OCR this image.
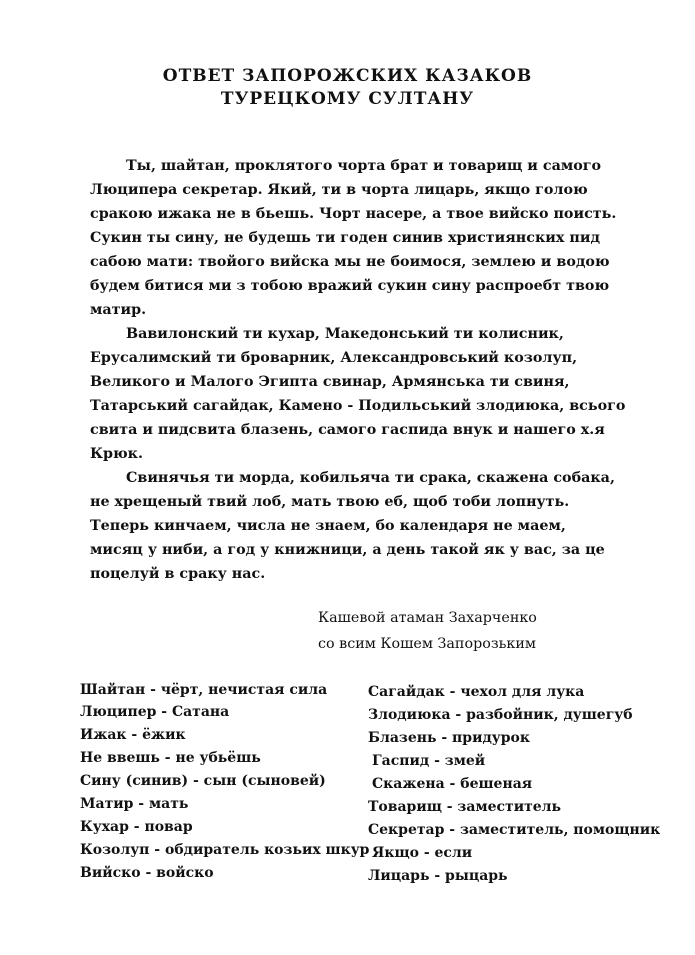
ОТВЕТ ЗАПОРОЖСКИХ КАЗАКОВ
ТУРЕЦКОМУ СУЛТАНУ
Ты, шайтан, проклятого чорта брат и товарищ и самого
Люципера секретар. Який, ти в чорта лицарь, якщо голою
сракою ижака не в бьешь. Чорт насере, а твое вийско поисть.
Сукин ты сину, не будешь ти годен синив християнских пид
сабою мати: твойого вийска мы не боимося, землею и водою
будем битися ми з тобою вражий сукин сину распроебт твою
матир.
Вавилонский ти кухар, Македонський ти колисник,
Ерусалимский ти броварник, Александровський козолуп,
Великого и Малого Эгипта свинар, Армянська ти свиня,
Татарський сагайдак, Камено - Подильський злодиюка, всього
свита и пидсвита блазень, самого гаспида внук и нашего х.я
Крюк.
Свинячья ти морда, кобильяча ти срака, скажена собака,
не хрещеный твий лоб, мать твою еб, щоб тоби лопнуть.
Теперь кинчаем, числа не знаем, бо календаря не маем,
мисяц у ниби, а год у книжници, а день такой як у вас, за це
поцелуй в сраку нас.
Кашевой атаман Захарченко
со всим Кошем Запорозьким
Шайтан - чёрт, нечистая сила
Люципер - Сатана
Ижак - ёжик
Не ввешь - не убьёшь
Сину (синив) - сын (сыновей)
Матир - мать
Кухар - повар
Козолуп - обдиратель козьих шкур
Вийско - войско
Сагайдак - чехол для лука
Злодиюка - разбойник, душегуб
Блазень - придурок
Гаспид - змей
Скажена - бешеная
Товарищ - заместитель
Секретар - заместитель, помощник
Якщо - если
Лицарь - рыцарь
